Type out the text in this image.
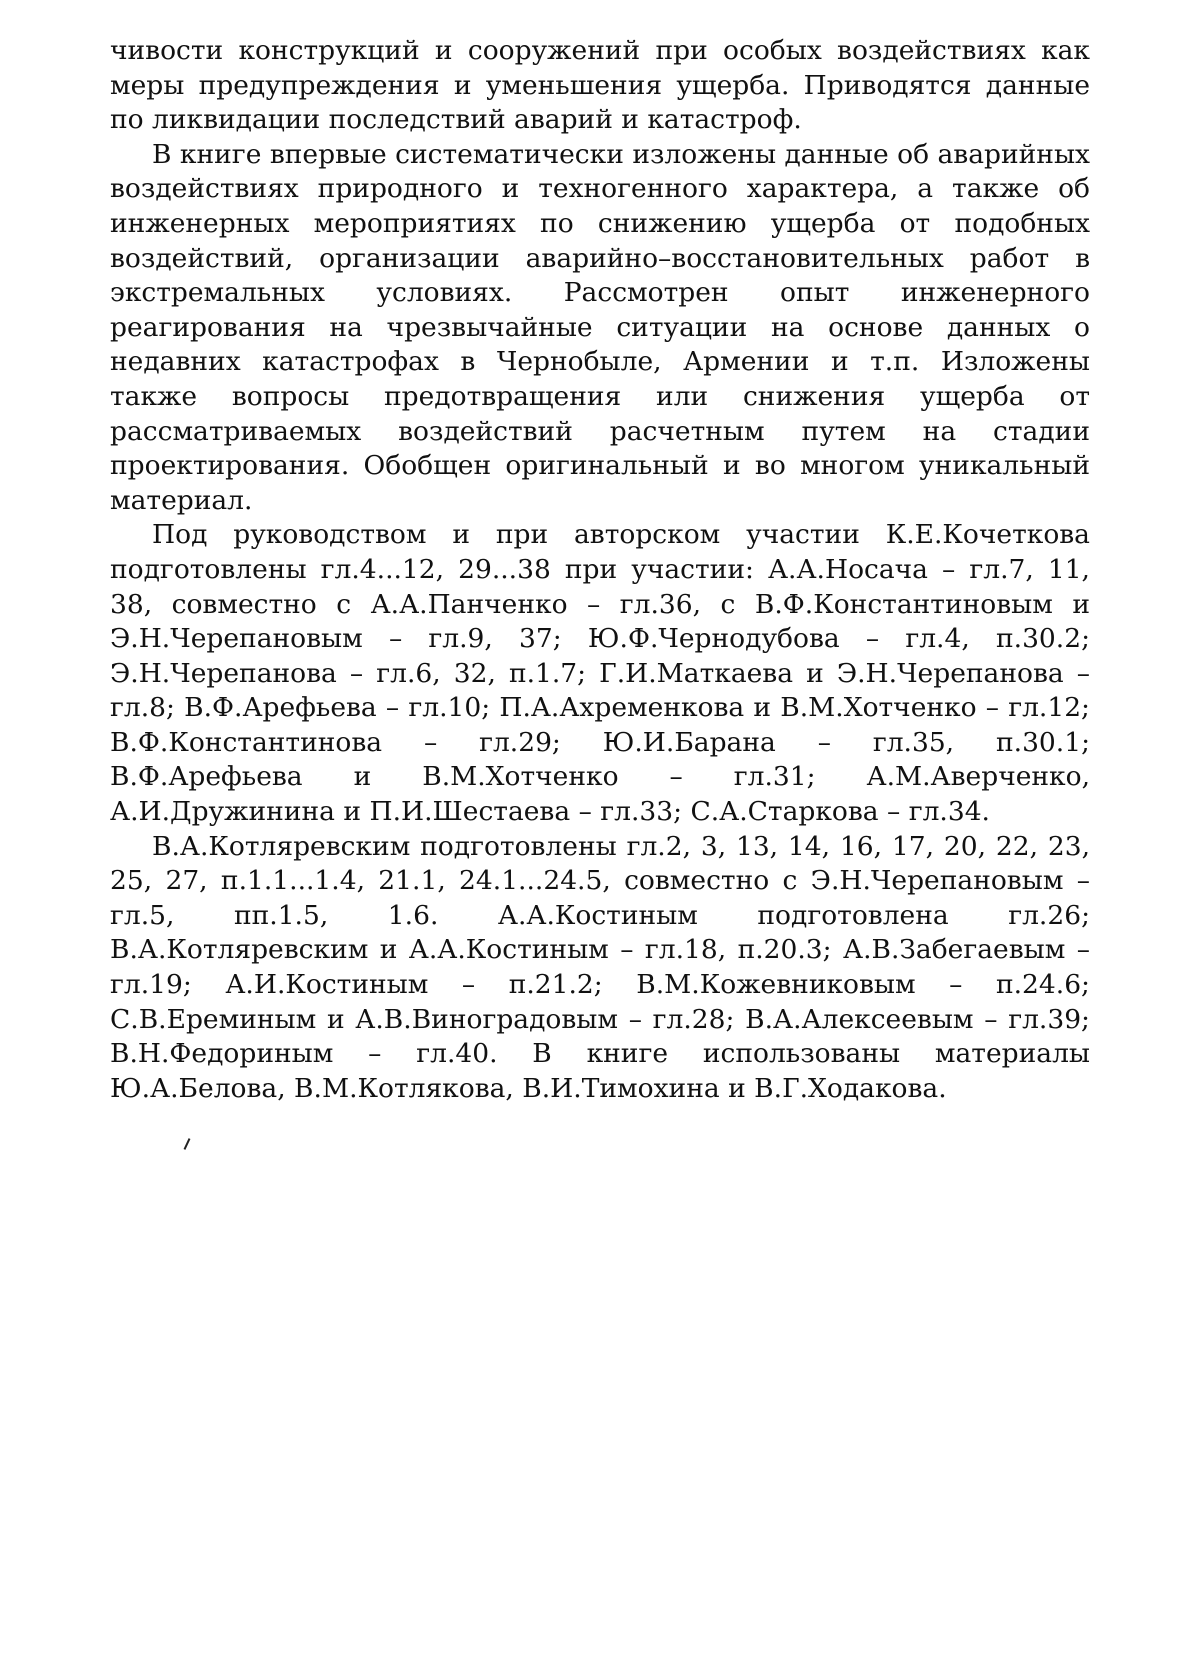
чивости конструкций и сооружений при особых воздействиях как меры предупреждения и уменьшения ущерба. Приводятся данные по ликвидации последствий аварий и катастроф.

В книге впервые систематически изложены данные об аварийных воздействиях природного и техногенного характера, а также об инженерных мероприятиях по снижению ущерба от подобных воздействий, организации аварийно–восстановительных работ в экстремальных условиях. Рассмотрен опыт инженерного реагирования на чрезвычайные ситуации на основе данных о недавних катастрофах в Чернобыле, Армении и т.п. Изложены также вопросы предотвращения или снижения ущерба от рассматриваемых воздействий расчетным путем на стадии проектирования. Обобщен оригинальный и во многом уникальный материал.

Под руководством и при авторском участии К.Е.Кочеткова подготовлены гл.4...12, 29...38 при участии: А.А.Носача – гл.7, 11, 38, совместно с А.А.Панченко – гл.36, с В.Ф.Константиновым и Э.Н.Черепановым – гл.9, 37; Ю.Ф.Чернодубова – гл.4, п.30.2; Э.Н.Черепанова – гл.6, 32, п.1.7; Г.И.Маткаева и Э.Н.Черепанова – гл.8; В.Ф.Арефьева – гл.10; П.А.Ахременкова и В.М.Хотченко – гл.12; В.Ф.Константинова – гл.29; Ю.И.Барана – гл.35, п.30.1; В.Ф.Арефьева и В.М.Хотченко – гл.31; А.М.Аверченко, А.И.Дружинина и П.И.Шестаева – гл.33; С.А.Старкова – гл.34.

В.А.Котляревским подготовлены гл.2, 3, 13, 14, 16, 17, 20, 22, 23, 25, 27, п.1.1...1.4, 21.1, 24.1...24.5, совместно с Э.Н.Черепановым – гл.5, пп.1.5, 1.6. А.А.Костиным подготовлена гл.26; В.А.Котляревским и А.А.Костиным – гл.18, п.20.3; А.В.Забегаевым – гл.19; А.И.Костиным – п.21.2; В.М.Кожевниковым – п.24.6; С.В.Ереминым и А.В.Виноградовым – гл.28; В.А.Алексеевым – гл.39; В.Н.Федориным – гл.40. В книге использованы материалы Ю.А.Белова, В.М.Котлякова, В.И.Тимохина и В.Г.Ходакова.
